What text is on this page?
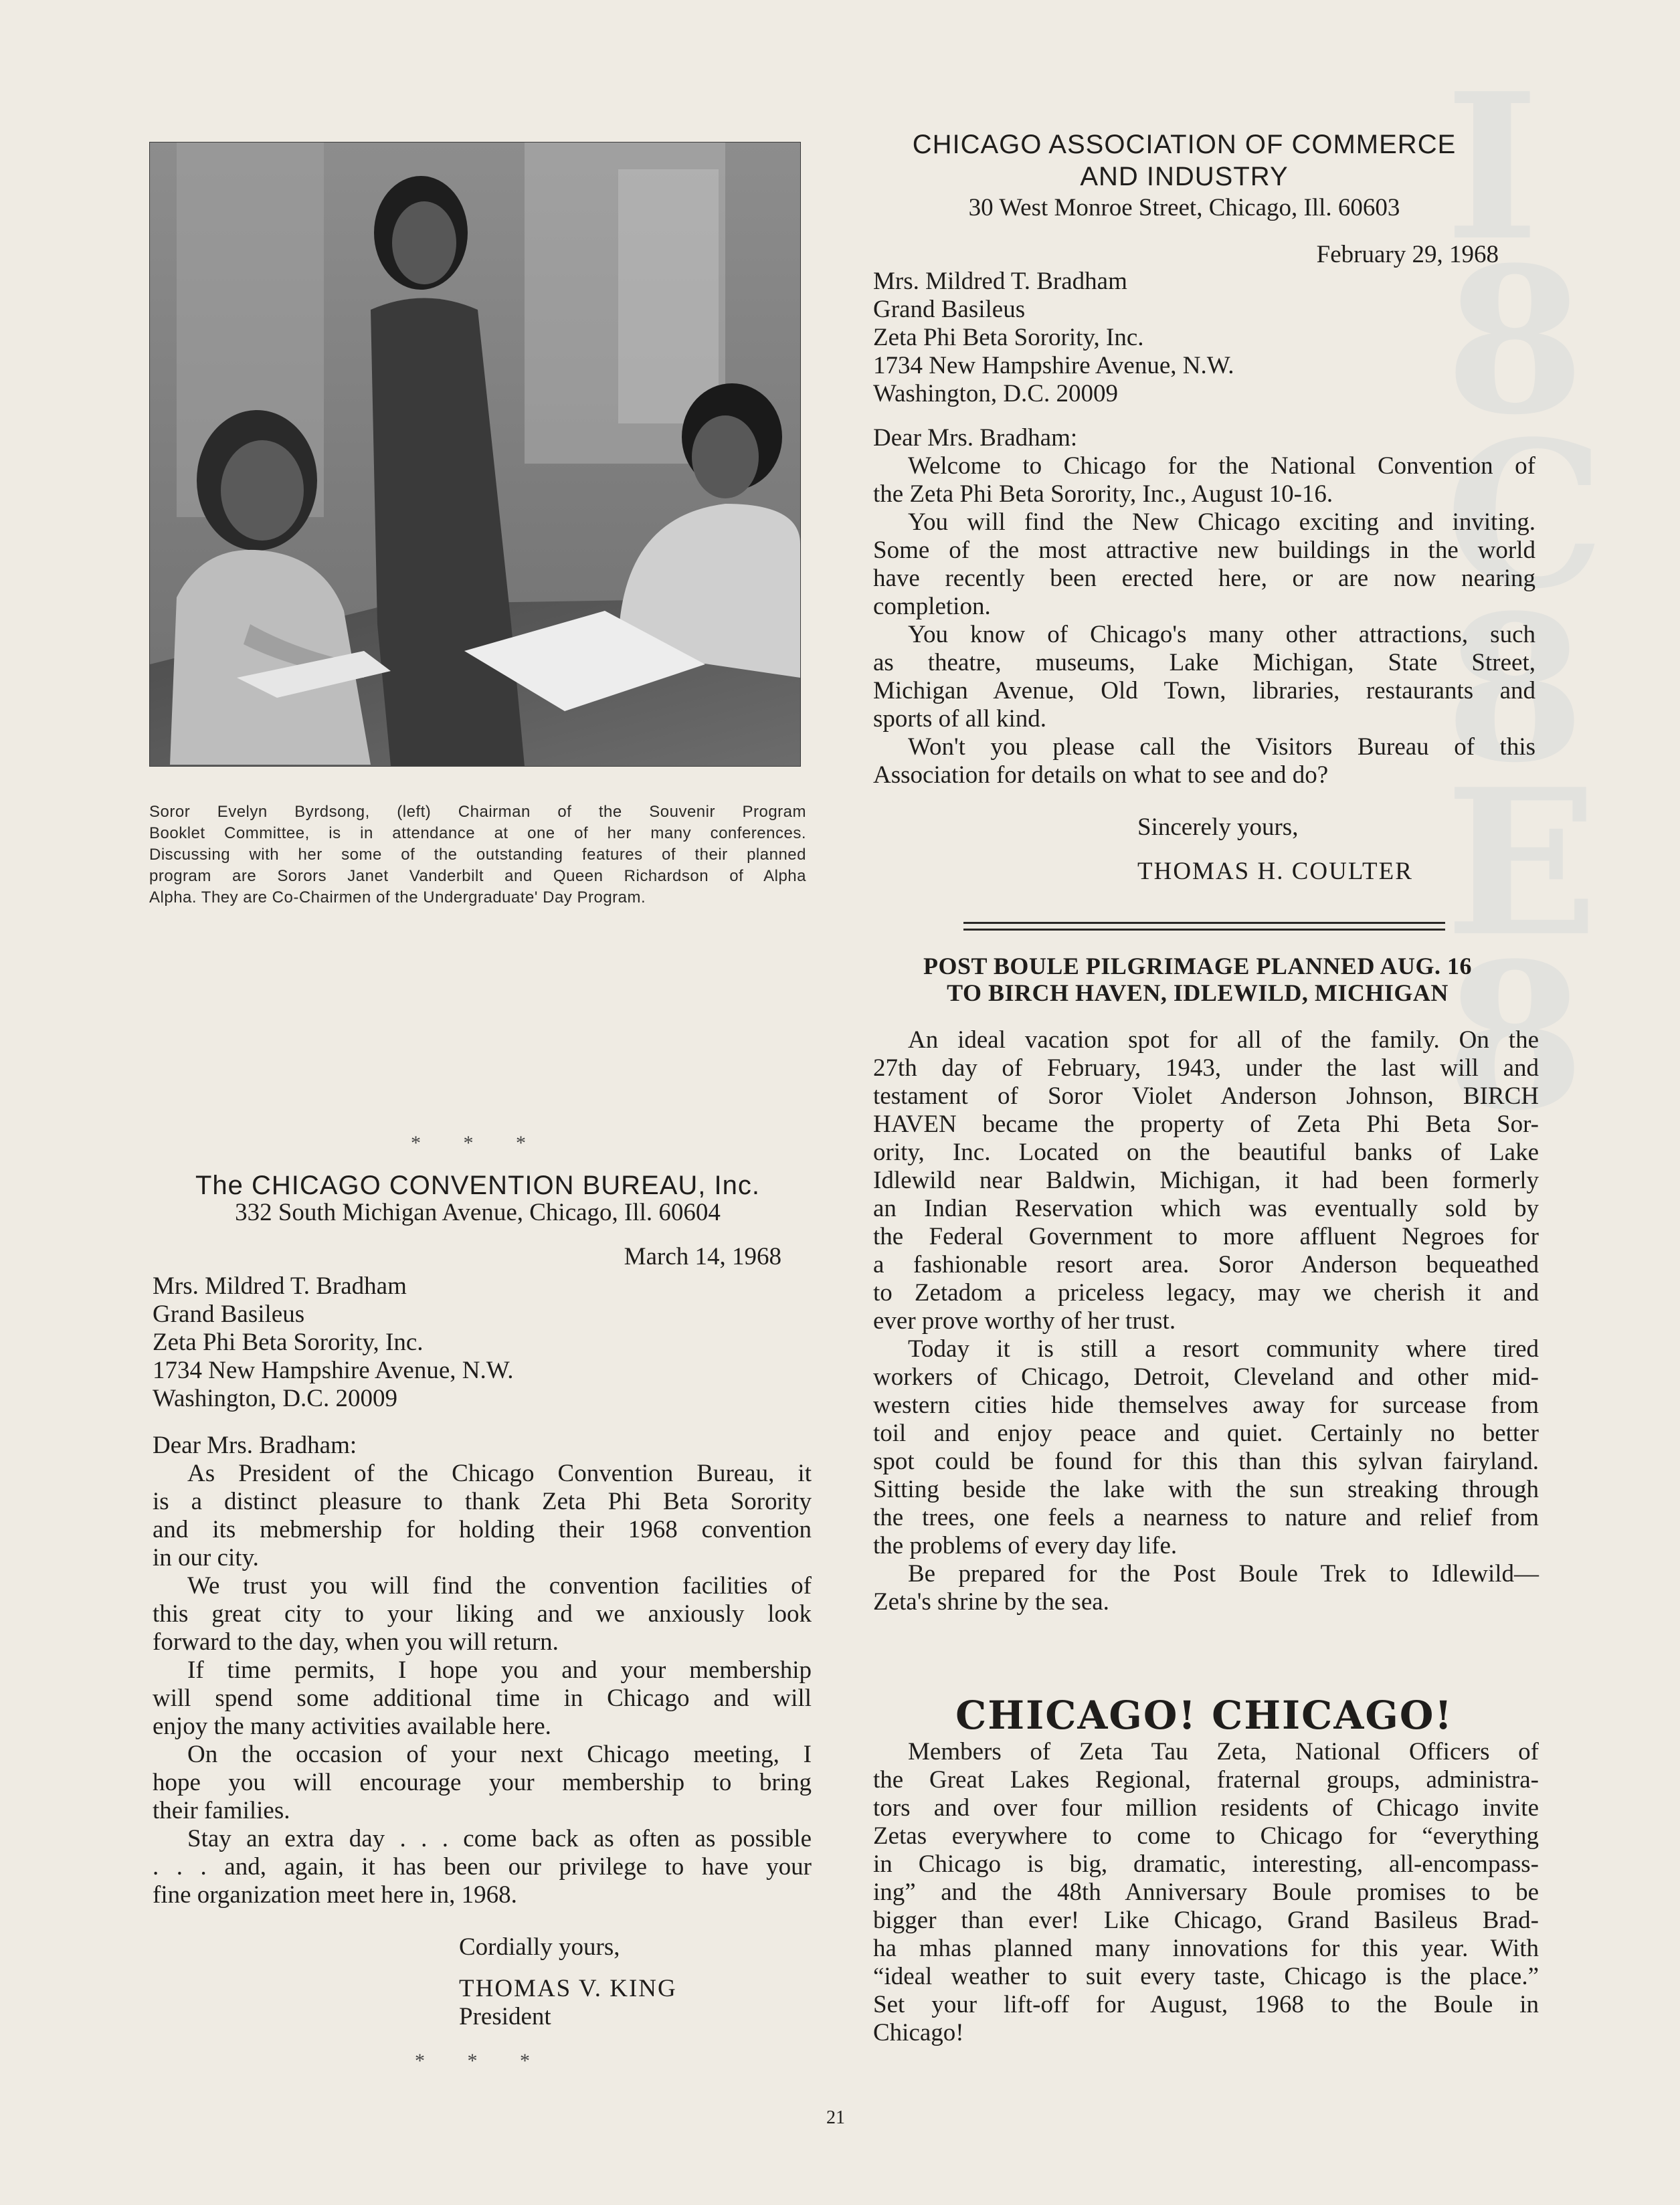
I
8
C
8
E
8
Soror Evelyn Byrdsong, (left) Chairman of the Souvenir Program
Booklet Committee, is in attendance at one of her many conferences.
Discussing with her some of the outstanding features of their planned
program are Sorors Janet Vanderbilt and Queen Richardson of Alpha
Alpha. They are Co-Chairmen of the Undergraduate' Day Program.
CHICAGO ASSOCIATION OF COMMERCE
AND INDUSTRY
30 West Monroe Street, Chicago, Ill. 60603
February 29, 1968
Mrs. Mildred T. Bradham
Grand Basileus
Zeta Phi Beta Sorority, Inc.
1734 New Hampshire Avenue, N.W.
Washington, D.C. 20009
Dear Mrs. Bradham:
Welcome to Chicago for the National Convention of
the Zeta Phi Beta Sorority, Inc., August 10-16.
You will find the New Chicago exciting and inviting.
Some of the most attractive new buildings in the world
have recently been erected here, or are now nearing
completion.
You know of Chicago's many other attractions, such
as theatre, museums, Lake Michigan, State Street,
Michigan Avenue, Old Town, libraries, restaurants and
sports of all kind.
Won't you please call the Visitors Bureau of this
Association for details on what to see and do?
Sincerely yours,
THOMAS H. COULTER
POST BOULE PILGRIMAGE PLANNED AUG. 16
TO BIRCH HAVEN, IDLEWILD, MICHIGAN
An ideal vacation spot for all of the family. On the
27th day of February, 1943, under the last will and
testament of Soror Violet Anderson Johnson, BIRCH
HAVEN became the property of Zeta Phi Beta Sor-
ority, Inc. Located on the beautiful banks of Lake
Idlewild near Baldwin, Michigan, it had been formerly
an Indian Reservation which was eventually sold by
the Federal Government to more affluent Negroes for
a fashionable resort area. Soror Anderson bequeathed
to Zetadom a priceless legacy, may we cherish it and
ever prove worthy of her trust.
Today it is still a resort community where tired
workers of Chicago, Detroit, Cleveland and other mid-
western cities hide themselves away for surcease from
toil and enjoy peace and quiet. Certainly no better
spot could be found for this than this sylvan fairyland.
Sitting beside the lake with the sun streaking through
the trees, one feels a nearness to nature and relief from
the problems of every day life.
Be prepared for the Post Boule Trek to Idlewild—
Zeta's shrine by the sea.
CHICAGO! CHICAGO!
Members of Zeta Tau Zeta, National Officers of
the Great Lakes Regional, fraternal groups, administra-
tors and over four million residents of Chicago invite
Zetas everywhere to come to Chicago for “everything
in Chicago is big, dramatic, interesting, all-encompass-
ing” and the 48th Anniversary Boule promises to be
bigger than ever! Like Chicago, Grand Basileus Brad-
ha mhas planned many innovations for this year. With
“ideal weather to suit every taste, Chicago is the place.”
Set your lift-off for August, 1968 to the Boule in
Chicago!
* * *
The CHICAGO CONVENTION BUREAU, Inc.
332 South Michigan Avenue, Chicago, Ill. 60604
March 14, 1968
Mrs. Mildred T. Bradham
Grand Basileus
Zeta Phi Beta Sorority, Inc.
1734 New Hampshire Avenue, N.W.
Washington, D.C. 20009
Dear Mrs. Bradham:
As President of the Chicago Convention Bureau, it
is a distinct pleasure to thank Zeta Phi Beta Sorority
and its mebmership for holding their 1968 convention
in our city.
We trust you will find the convention facilities of
this great city to your liking and we anxiously look
forward to the day, when you will return.
If time permits, I hope you and your membership
will spend some additional time in Chicago and will
enjoy the many activities available here.
On the occasion of your next Chicago meeting, I
hope you will encourage your membership to bring
their families.
Stay an extra day . . . come back as often as possible
. . . and, again, it has been our privilege to have your
fine organization meet here in, 1968.
Cordially yours,
THOMAS V. KING
President
* * *
21
